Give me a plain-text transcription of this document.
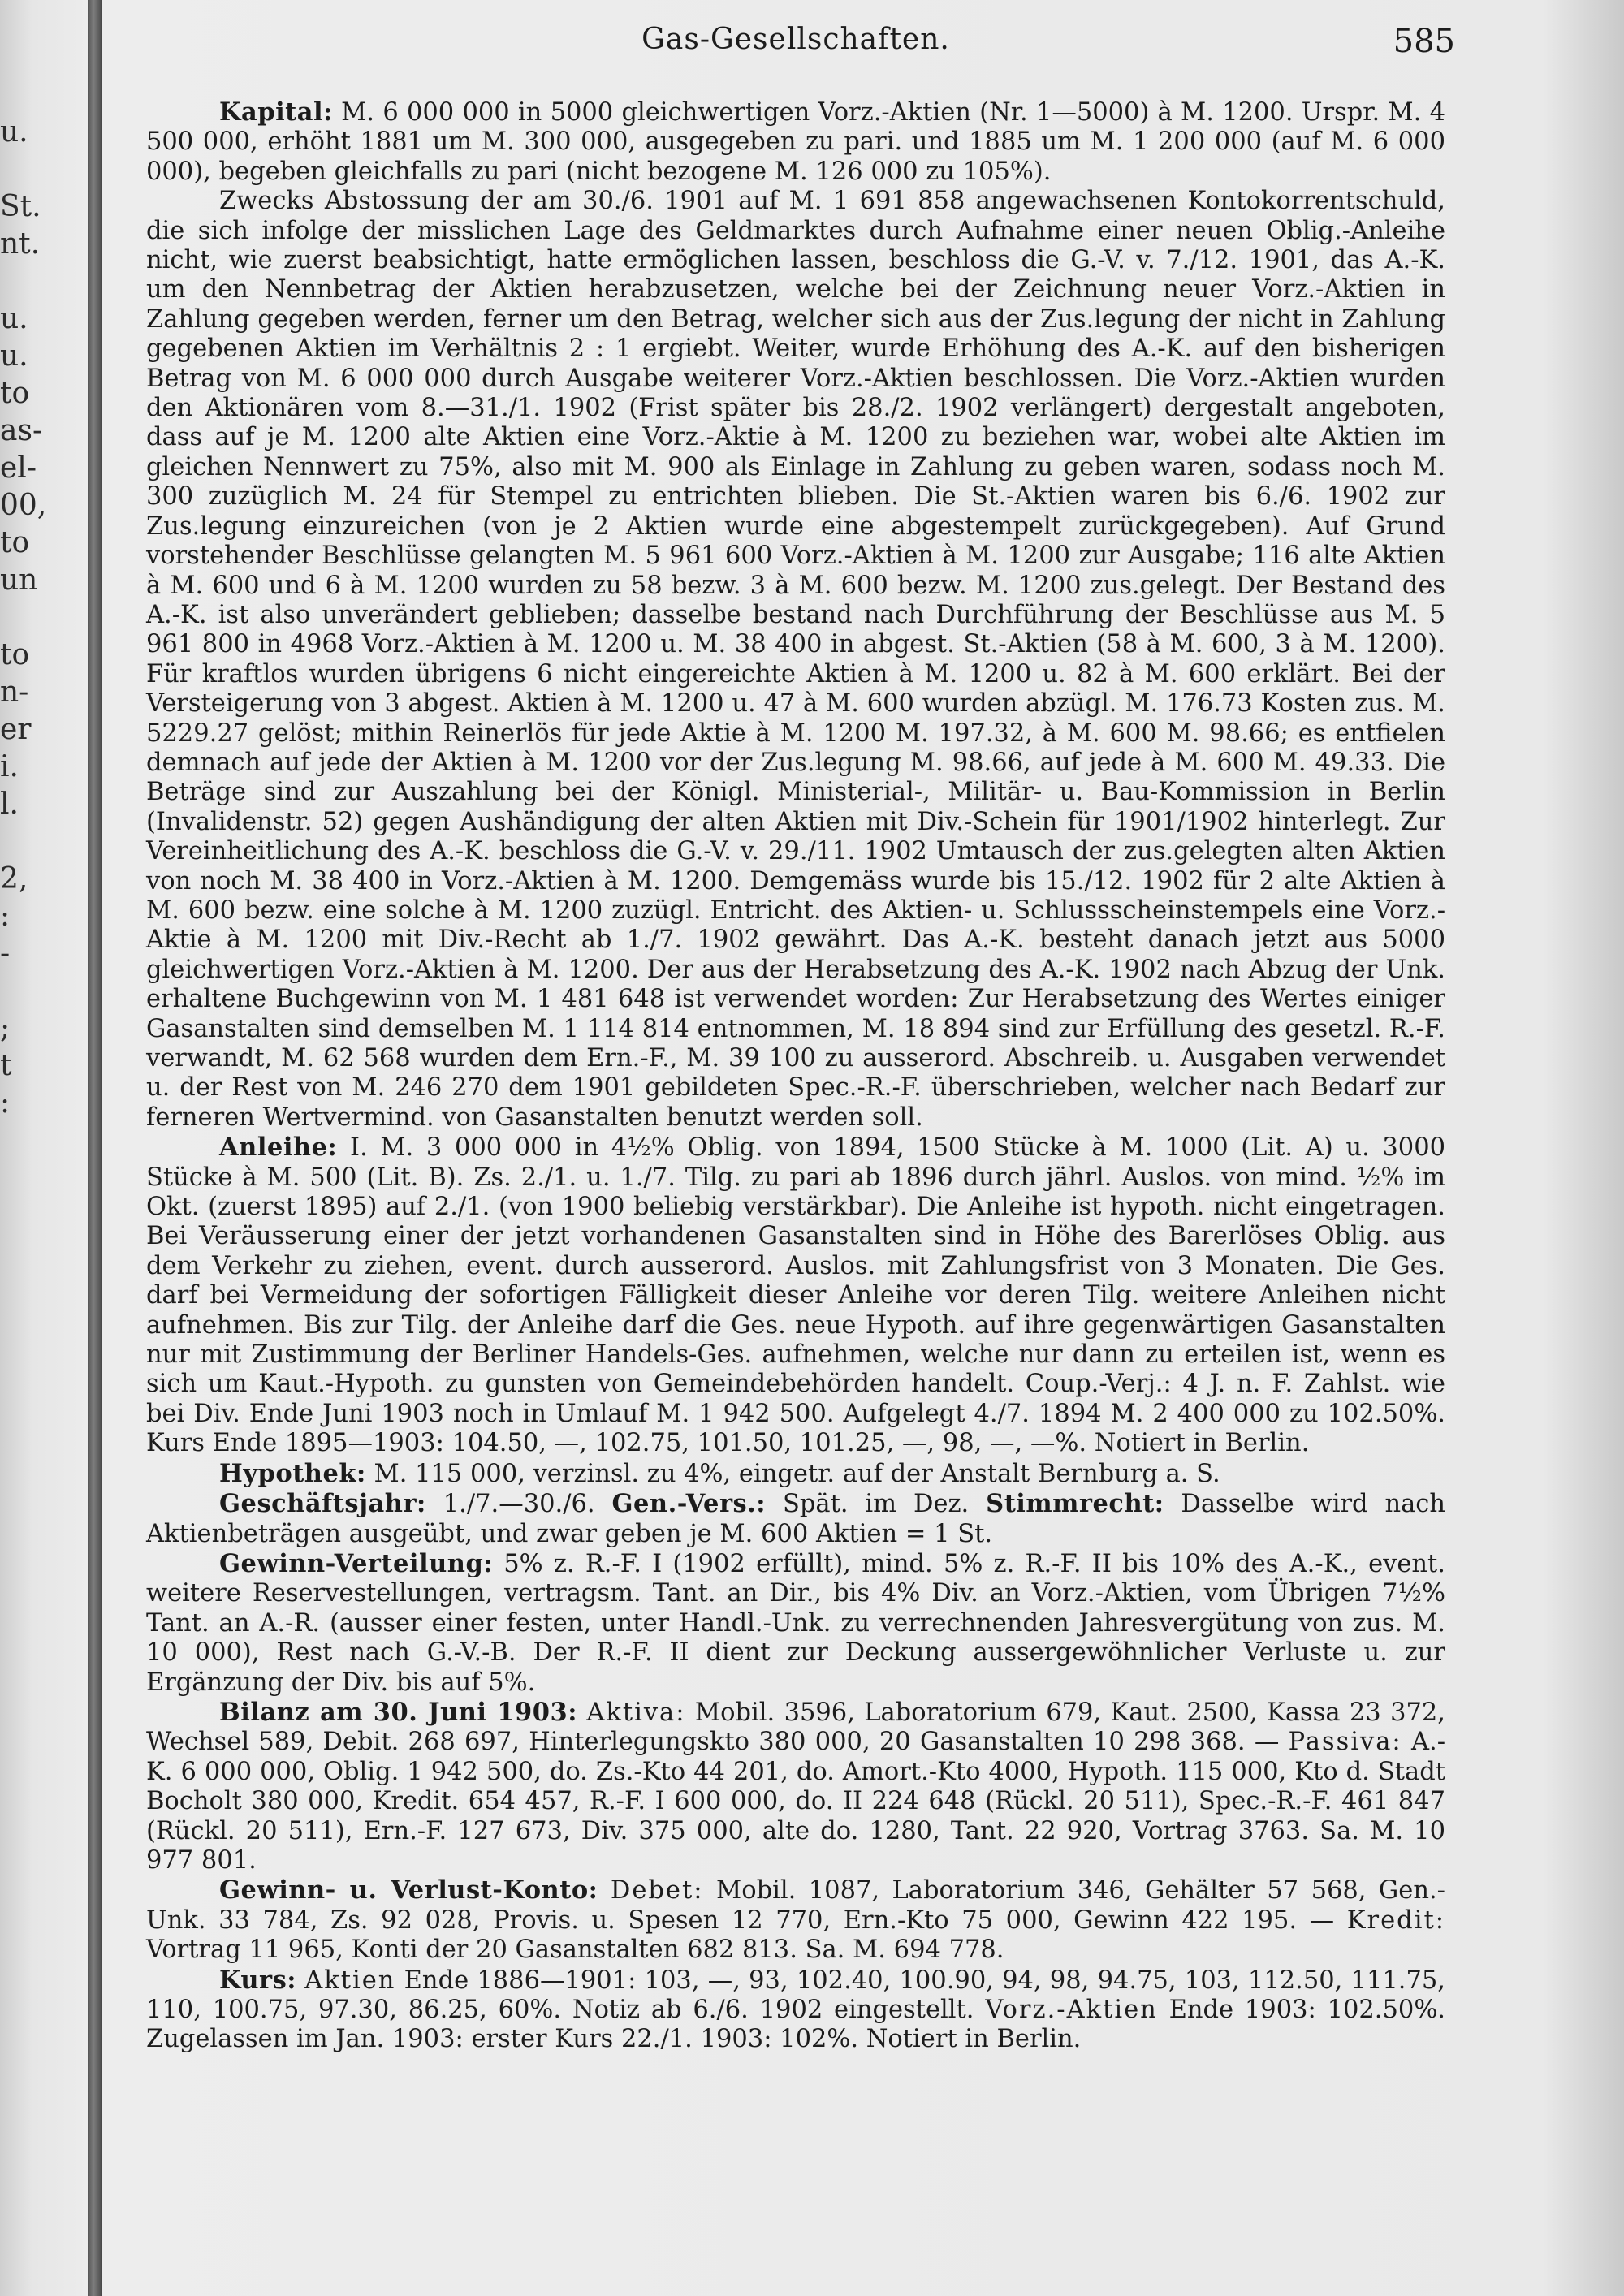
u.
St.
nt.
u.
u.
to
as-
el-
00,
to
un
to
n-
er
i.
l.
2,
:
-
;
t
:
Gas-Gesellschaften.	585

Kapital: M. 6 000 000 in 5000 gleichwertigen Vorz.-Aktien (Nr. 1—5000) à M. 1200. Urspr. M. 4 500 000, erhöht 1881 um M. 300 000, ausgegeben zu pari. und 1885 um M. 1 200 000 (auf M. 6 000 000), begeben gleichfalls zu pari (nicht bezogene M. 126 000 zu 105%).

Zwecks Abstossung der am 30./6. 1901 auf M. 1 691 858 angewachsenen Kontokorrentschuld, die sich infolge der misslichen Lage des Geldmarktes durch Aufnahme einer neuen Oblig.-Anleihe nicht, wie zuerst beabsichtigt, hatte ermöglichen lassen, beschloss die G.-V. v. 7./12. 1901, das A.-K. um den Nennbetrag der Aktien herabzusetzen, welche bei der Zeichnung neuer Vorz.-Aktien in Zahlung gegeben werden, ferner um den Betrag, welcher sich aus der Zus.legung der nicht in Zahlung gegebenen Aktien im Verhältnis 2 : 1 ergiebt. Weiter, wurde Erhöhung des A.-K. auf den bisherigen Betrag von M. 6 000 000 durch Ausgabe weiterer Vorz.-Aktien beschlossen. Die Vorz.-Aktien wurden den Aktionären vom 8.—31./1. 1902 (Frist später bis 28./2. 1902 verlängert) dergestalt angeboten, dass auf je M. 1200 alte Aktien eine Vorz.-Aktie à M. 1200 zu beziehen war, wobei alte Aktien im gleichen Nennwert zu 75%, also mit M. 900 als Einlage in Zahlung zu geben waren, sodass noch M. 300 zuzüglich M. 24 für Stempel zu entrichten blieben. Die St.-Aktien waren bis 6./6. 1902 zur Zus.legung einzureichen (von je 2 Aktien wurde eine abgestempelt zurückgegeben). Auf Grund vorstehender Beschlüsse gelangten M. 5 961 600 Vorz.-Aktien à M. 1200 zur Ausgabe; 116 alte Aktien à M. 600 und 6 à M. 1200 wurden zu 58 bezw. 3 à M. 600 bezw. M. 1200 zus.gelegt. Der Bestand des A.-K. ist also unverändert geblieben; dasselbe bestand nach Durchführung der Beschlüsse aus M. 5 961 800 in 4968 Vorz.-Aktien à M. 1200 u. M. 38 400 in abgest. St.-Aktien (58 à M. 600, 3 à M. 1200). Für kraftlos wurden übrigens 6 nicht eingereichte Aktien à M. 1200 u. 82 à M. 600 erklärt. Bei der Versteigerung von 3 abgest. Aktien à M. 1200 u. 47 à M. 600 wurden abzügl. M. 176.73 Kosten zus. M. 5229.27 gelöst; mithin Reinerlös für jede Aktie à M. 1200 M. 197.32, à M. 600 M. 98.66; es entfielen demnach auf jede der Aktien à M. 1200 vor der Zus.legung M. 98.66, auf jede à M. 600 M. 49.33. Die Beträge sind zur Auszahlung bei der Königl. Ministerial-, Militär- u. Bau-Kommission in Berlin (Invalidenstr. 52) gegen Aushändigung der alten Aktien mit Div.-Schein für 1901/1902 hinterlegt. Zur Vereinheitlichung des A.-K. beschloss die G.-V. v. 29./11. 1902 Umtausch der zus.gelegten alten Aktien von noch M. 38 400 in Vorz.-Aktien à M. 1200. Demgemäss wurde bis 15./12. 1902 für 2 alte Aktien à M. 600 bezw. eine solche à M. 1200 zuzügl. Entricht. des Aktien- u. Schlussscheinstempels eine Vorz.-Aktie à M. 1200 mit Div.-Recht ab 1./7. 1902 gewährt. Das A.-K. besteht danach jetzt aus 5000 gleichwertigen Vorz.-Aktien à M. 1200. Der aus der Herabsetzung des A.-K. 1902 nach Abzug der Unk. erhaltene Buchgewinn von M. 1 481 648 ist verwendet worden: Zur Herabsetzung des Wertes einiger Gasanstalten sind demselben M. 1 114 814 entnommen, M. 18 894 sind zur Erfüllung des gesetzl. R.-F. verwandt, M. 62 568 wurden dem Ern.-F., M. 39 100 zu ausserord. Abschreib. u. Ausgaben verwendet u. der Rest von M. 246 270 dem 1901 gebildeten Spec.-R.-F. überschrieben, welcher nach Bedarf zur ferneren Wertvermind. von Gasanstalten benutzt werden soll.

Anleihe: I. M. 3 000 000 in 4½% Oblig. von 1894, 1500 Stücke à M. 1000 (Lit. A) u. 3000 Stücke à M. 500 (Lit. B). Zs. 2./1. u. 1./7. Tilg. zu pari ab 1896 durch jährl. Auslos. von mind. ½% im Okt. (zuerst 1895) auf 2./1. (von 1900 beliebig verstärkbar). Die Anleihe ist hypoth. nicht eingetragen. Bei Veräusserung einer der jetzt vorhandenen Gasanstalten sind in Höhe des Barerlöses Oblig. aus dem Verkehr zu ziehen, event. durch ausserord. Auslos. mit Zahlungsfrist von 3 Monaten. Die Ges. darf bei Vermeidung der sofortigen Fälligkeit dieser Anleihe vor deren Tilg. weitere Anleihen nicht aufnehmen. Bis zur Tilg. der Anleihe darf die Ges. neue Hypoth. auf ihre gegenwärtigen Gasanstalten nur mit Zustimmung der Berliner Handels-Ges. aufnehmen, welche nur dann zu erteilen ist, wenn es sich um Kaut.-Hypoth. zu gunsten von Gemeindebehörden handelt. Coup.-Verj.: 4 J. n. F. Zahlst. wie bei Div. Ende Juni 1903 noch in Umlauf M. 1 942 500. Aufgelegt 4./7. 1894 M. 2 400 000 zu 102.50%. Kurs Ende 1895—1903: 104.50, —, 102.75, 101.50, 101.25, —, 98, —, —%. Notiert in Berlin.

Hypothek: M. 115 000, verzinsl. zu 4%, eingetr. auf der Anstalt Bernburg a. S.

Geschäftsjahr: 1./7.—30./6. Gen.-Vers.: Spät. im Dez. Stimmrecht: Dasselbe wird nach Aktienbeträgen ausgeübt, und zwar geben je M. 600 Aktien = 1 St.

Gewinn-Verteilung: 5% z. R.-F. I (1902 erfüllt), mind. 5% z. R.-F. II bis 10% des A.-K., event. weitere Reservestellungen, vertragsm. Tant. an Dir., bis 4% Div. an Vorz.-Aktien, vom Übrigen 7½% Tant. an A.-R. (ausser einer festen, unter Handl.-Unk. zu verrechnenden Jahresvergütung von zus. M. 10 000), Rest nach G.-V.-B. Der R.-F. II dient zur Deckung aussergewöhnlicher Verluste u. zur Ergänzung der Div. bis auf 5%.

Bilanz am 30. Juni 1903: Aktiva: Mobil. 3596, Laboratorium 679, Kaut. 2500, Kassa 23 372, Wechsel 589, Debit. 268 697, Hinterlegungskto 380 000, 20 Gasanstalten 10 298 368. — Passiva: A.-K. 6 000 000, Oblig. 1 942 500, do. Zs.-Kto 44 201, do. Amort.-Kto 4000, Hypoth. 115 000, Kto d. Stadt Bocholt 380 000, Kredit. 654 457, R.-F. I 600 000, do. II 224 648 (Rückl. 20 511), Spec.-R.-F. 461 847 (Rückl. 20 511), Ern.-F. 127 673, Div. 375 000, alte do. 1280, Tant. 22 920, Vortrag 3763. Sa. M. 10 977 801.

Gewinn- u. Verlust-Konto: Debet: Mobil. 1087, Laboratorium 346, Gehälter 57 568, Gen.-Unk. 33 784, Zs. 92 028, Provis. u. Spesen 12 770, Ern.-Kto 75 000, Gewinn 422 195. — Kredit: Vortrag 11 965, Konti der 20 Gasanstalten 682 813. Sa. M. 694 778.

Kurs: Aktien Ende 1886—1901: 103, —, 93, 102.40, 100.90, 94, 98, 94.75, 103, 112.50, 111.75, 110, 100.75, 97.30, 86.25, 60%. Notiz ab 6./6. 1902 eingestellt. Vorz.-Aktien Ende 1903: 102.50%. Zugelassen im Jan. 1903: erster Kurs 22./1. 1903: 102%. Notiert in Berlin.
